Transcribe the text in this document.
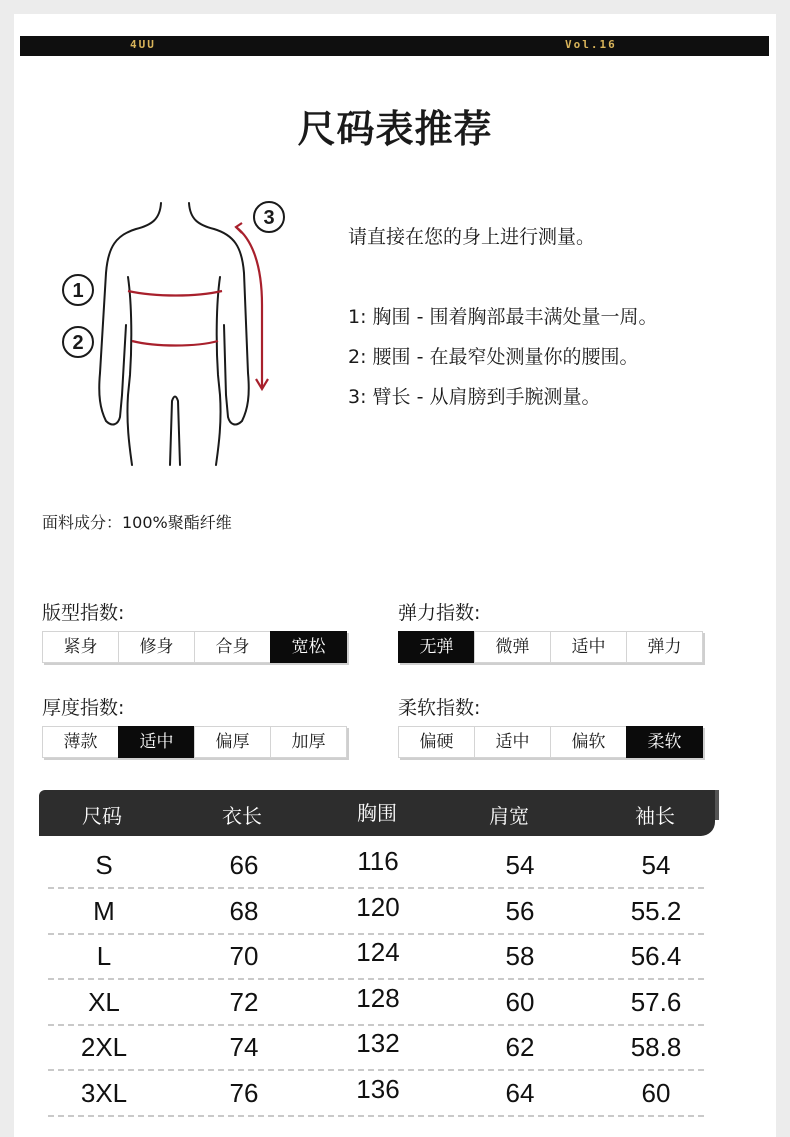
4UU	Vol.16
尺码表推荐
1
2
3
请直接在您的身上进行测量。
1: 胸围 - 围着胸部最丰满处量一周。
2: 腰围 - 在最窄处测量你的腰围。
3: 臂长 - 从肩膀到手腕测量。
面料成分：100%聚酯纤维
版型指数:
紧身	修身	合身	宽松
弹力指数:
无弹	微弹	适中	弹力
厚度指数:
薄款	适中	偏厚	加厚
柔软指数:
偏硬	适中	偏软	柔软
尺码	衣长	胸围	肩宽	袖长
S	66	116	54	54
M	68	120	56	55.2
L	70	124	58	56.4
XL	72	128	60	57.6
2XL	74	132	62	58.8
3XL	76	136	64	60
